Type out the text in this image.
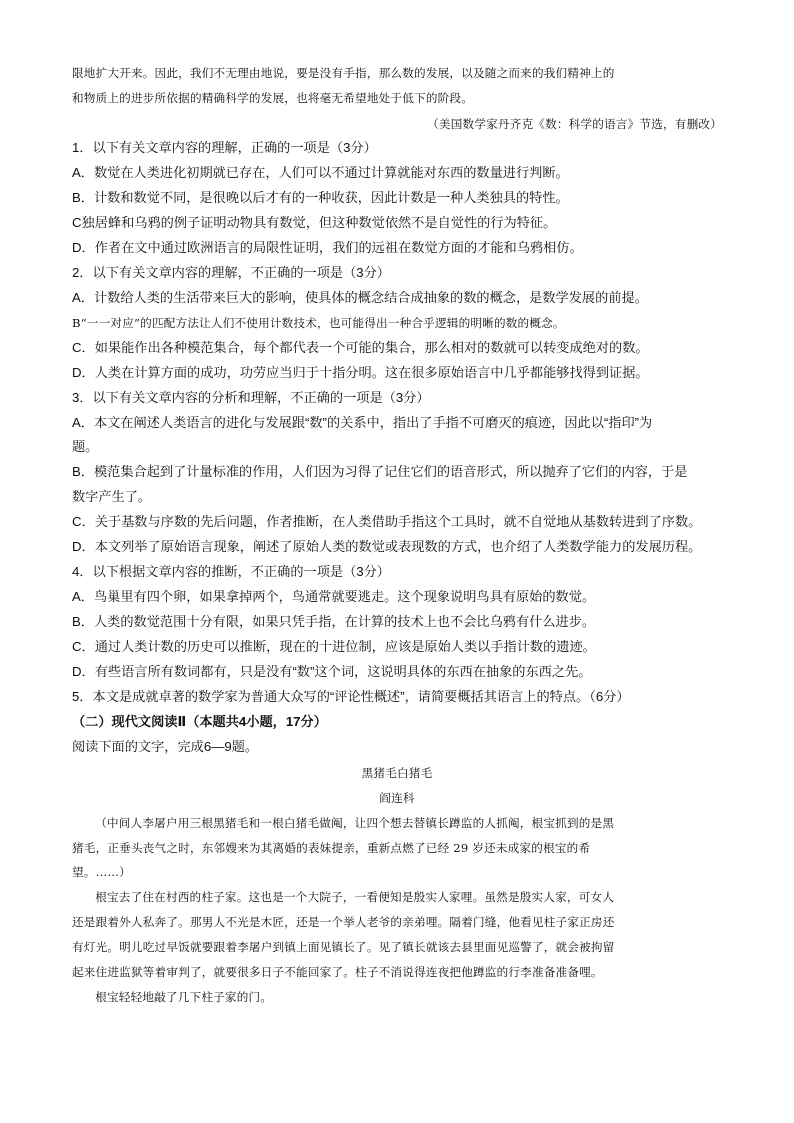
限地扩大开来。因此，我们不无理由地说，要是没有手指，那么数的发展，以及随之而来的我们精神上的
和物质上的进步所依据的精确科学的发展，也将毫无希望地处于低下的阶段。
（美国数学家丹齐克《数：科学的语言》节选，有删改）
1．以下有关文章内容的理解，正确的一项是（3分）
A．数觉在人类进化初期就已存在，人们可以不通过计算就能对东西的数量进行判断。
B．计数和数觉不同，是很晚以后才有的一种收获，因此计数是一种人类独具的特性。
C独居蜂和乌鸦的例子证明动物具有数觉，但这种数觉依然不是自觉性的行为特征。
D．作者在文中通过欧洲语言的局限性证明，我们的远祖在数觉方面的才能和乌鸦相仿。
2．以下有关文章内容的理解，不正确的一项是（3分）
A．计数给人类的生活带来巨大的影响，使具体的概念结合成抽象的数的概念，是数学发展的前提。
B“一一对应”的匹配方法让人们不使用计数技术，也可能得出一种合乎逻辑的明晰的数的概念。
C．如果能作出各种模范集合，每个都代表一个可能的集合，那么相对的数就可以转变成绝对的数。
D．人类在计算方面的成功，功劳应当归于十指分明。这在很多原始语言中几乎都能够找得到证据。
3．以下有关文章内容的分析和理解，不正确的一项是（3分）
A．本文在阐述人类语言的进化与发展跟“数”的关系中，指出了手指不可磨灭的痕迹，因此以“指印”为
题。
B．模范集合起到了计量标准的作用，人们因为习得了记住它们的语音形式，所以抛弃了它们的内容，于是
数字产生了。
C．关于基数与序数的先后问题，作者推断，在人类借助手指这个工具时，就不自觉地从基数转进到了序数。
D．本文列举了原始语言现象，阐述了原始人类的数觉或表现数的方式，也介绍了人类数学能力的发展历程。
4．以下根据文章内容的推断，不正确的一项是（3分）
A．鸟巢里有四个卵，如果拿掉两个，鸟通常就要逃走。这个现象说明鸟具有原始的数觉。
B．人类的数觉范围十分有限，如果只凭手指，在计算的技术上也不会比乌鸦有什么进步。
C．通过人类计数的历史可以推断，现在的十进位制，应该是原始人类以手指计数的遗迹。
D．有些语言所有数词都有，只是没有“数”这个词，这说明具体的东西在抽象的东西之先。
5．本文是成就卓著的数学家为普通大众写的“评论性概述”，请简要概括其语言上的特点。（6分）
（二）现代文阅读Ⅱ（本题共4小题，17分）
阅读下面的文字，完成6—9题。
黑猪毛白猪毛
阎连科
（中间人李屠户用三根黑猪毛和一根白猪毛做阄，让四个想去替镇长蹲监的人抓阄，根宝抓到的是黑
猪毛，正垂头丧气之时，东邻嫂来为其离婚的表妹提亲，重新点燃了已经 29 岁还未成家的根宝的希
望。……）
根宝去了住在村西的柱子家。这也是一个大院子，一看便知是殷实人家哩。虽然是殷实人家，可女人
还是跟着外人私奔了。那男人不光是木匠，还是一个挙人老爷的亲弟哩。隔着门缝，他看见柱子家正房还
有灯光。明儿吃过早饭就要跟着李屠户到镇上面见镇长了。见了镇长就该去县里面见巡警了，就会被拘留
起来住进监狱等着审判了，就要很多日子不能回家了。柱子不消说得连夜把他蹲监的行李准备准备哩。
根宝轻轻地敲了几下柱子家的门。
